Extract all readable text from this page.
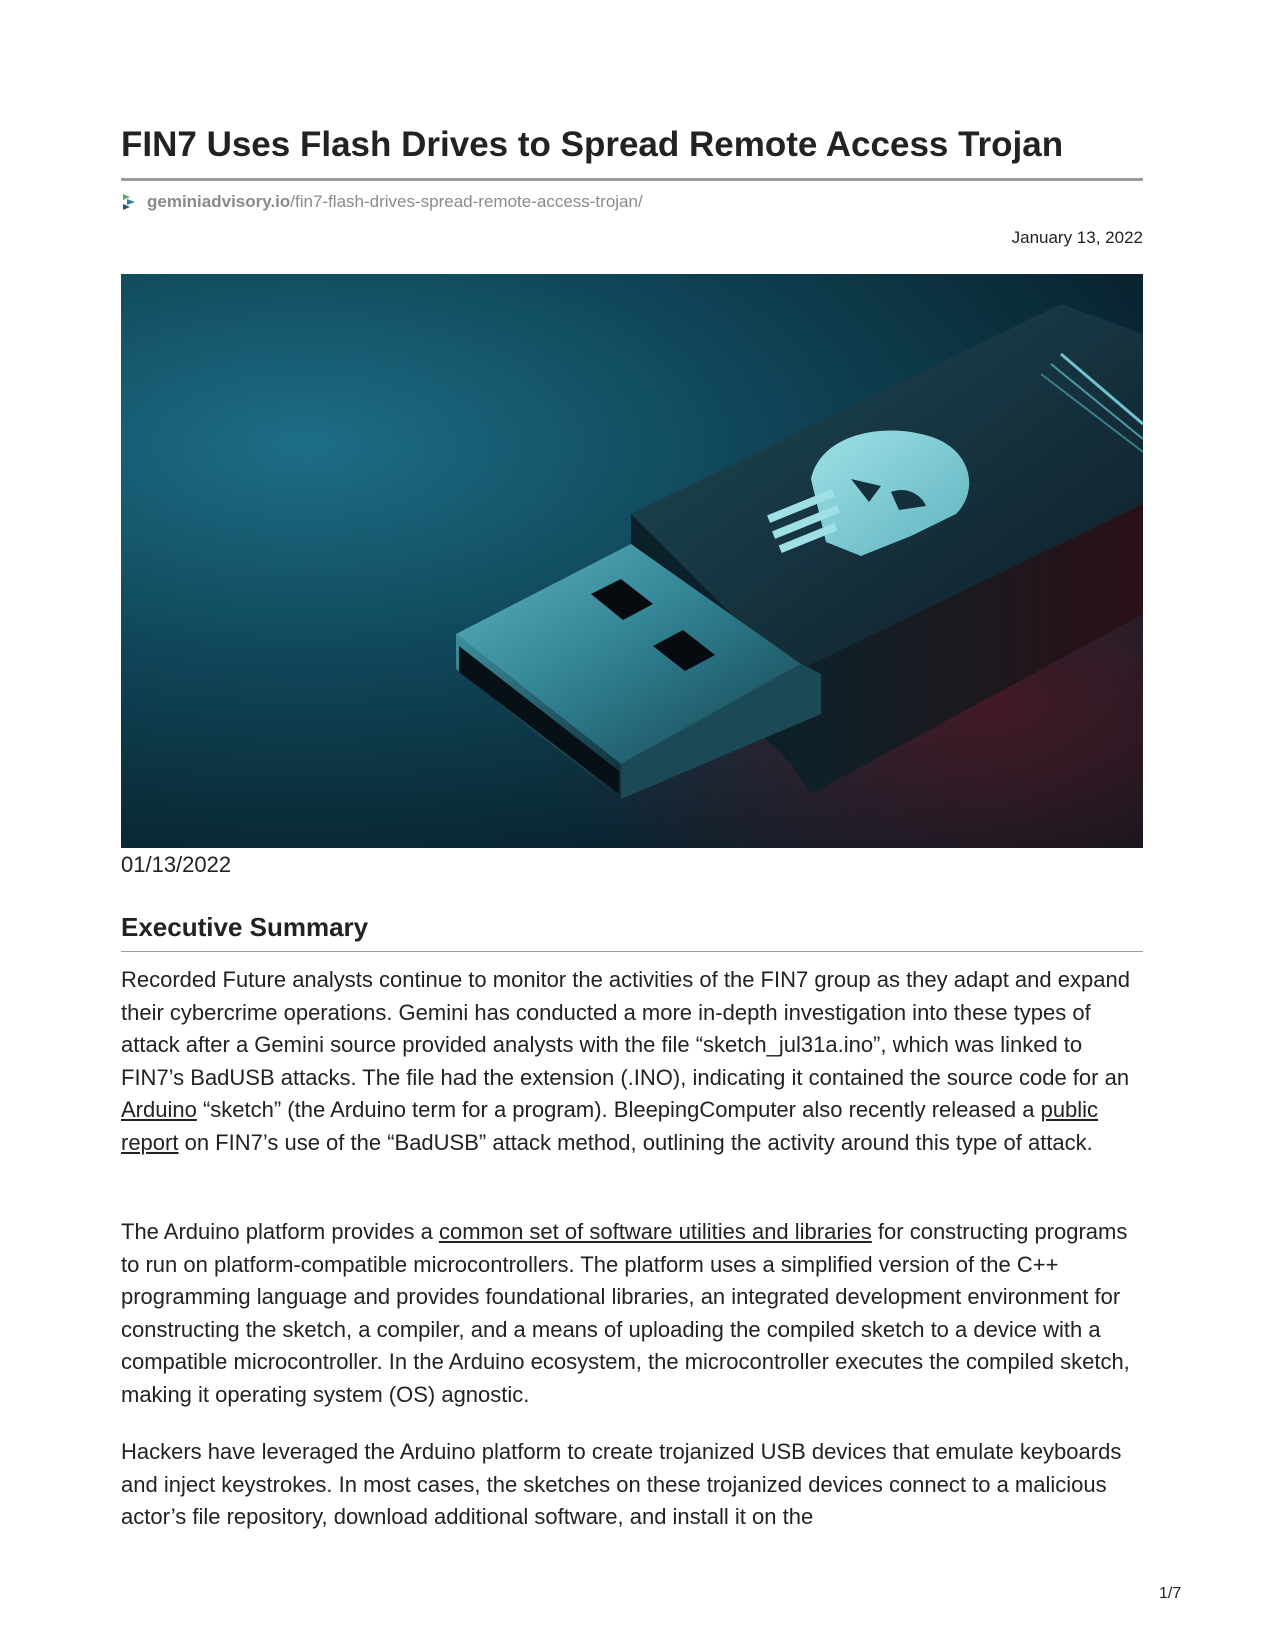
FIN7 Uses Flash Drives to Spread Remote Access Trojan
geminiadvisory.io /fin7-flash-drives-spread-remote-access-trojan/
January 13, 2022
01/13/2022
Executive Summary

Recorded Future analysts continue to monitor the activities of the FIN7 group as they adapt and expand their cybercrime operations. Gemini has conducted a more in-depth investigation into these types of attack after a Gemini source provided analysts with the file “sketch_jul31a.ino”, which was linked to FIN7’s BadUSB attacks. The file had the extension (.INO), indicating it contained the source code for an Arduino “sketch” (the Arduino term for a program). BleepingComputer also recently released a public report on FIN7’s use of the “BadUSB” attack method, outlining the activity around this type of attack.

The Arduino platform provides a common set of software utilities and libraries for constructing programs to run on platform-compatible microcontrollers. The platform uses a simplified version of the C++ programming language and provides foundational libraries, an integrated development environment for constructing the sketch, a compiler, and a means of uploading the compiled sketch to a device with a compatible microcontroller. In the Arduino ecosystem, the microcontroller executes the compiled sketch, making it operating system (OS) agnostic.

Hackers have leveraged the Arduino platform to create trojanized USB devices that emulate keyboards and inject keystrokes. In most cases, the sketches on these trojanized devices connect to a malicious actor’s file repository, download additional software, and install it on the

1/7
